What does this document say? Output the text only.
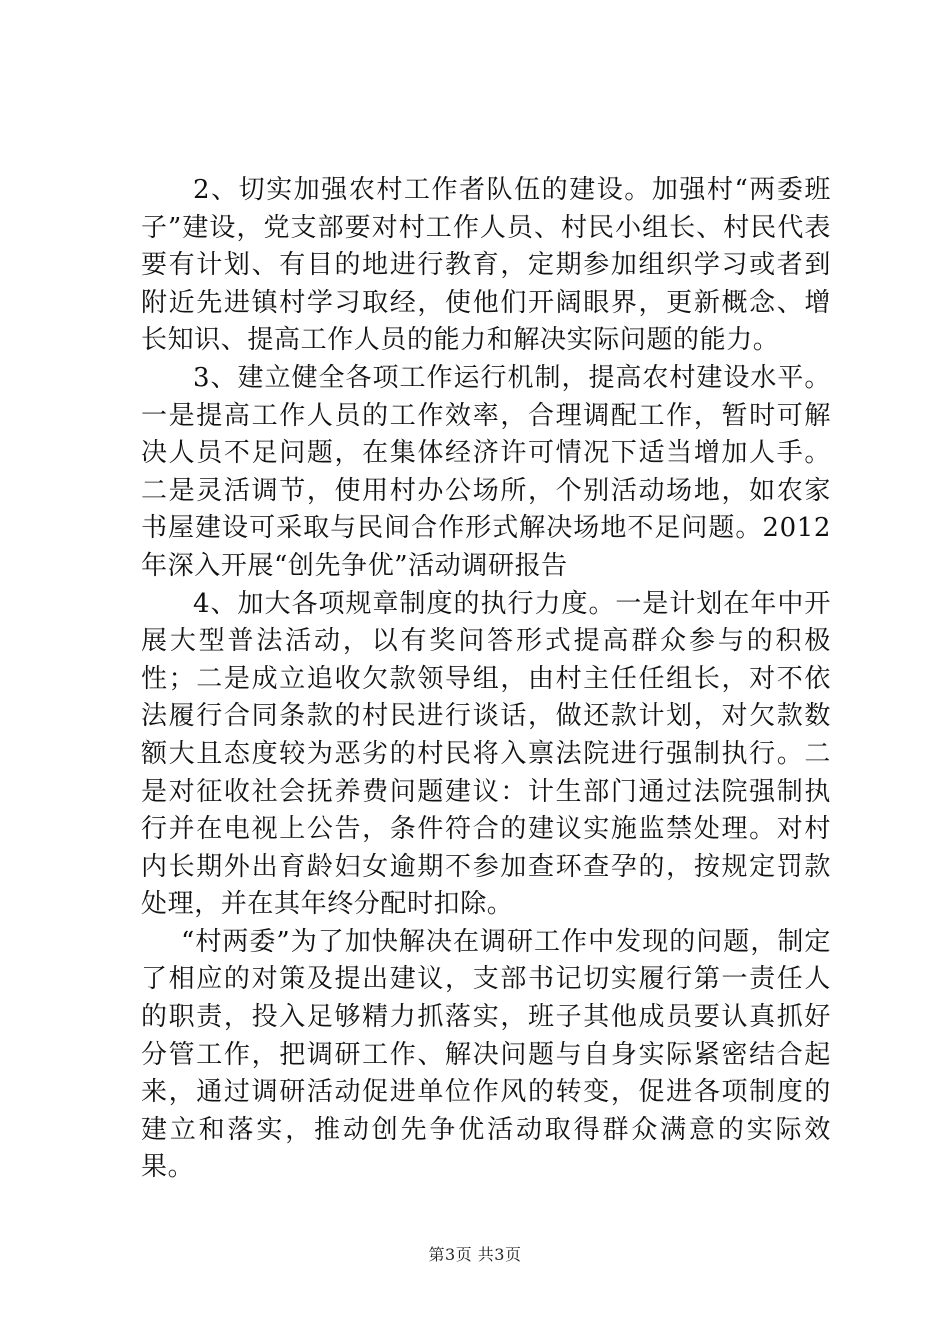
2、切实加强农村工作者队伍的建设。加强村“两委班子”建设，党支部要对村工作人员、村民小组长、村民代表要有计划、有目的地进行教育，定期参加组织学习或者到附近先进镇村学习取经，使他们开阔眼界，更新概念、增长知识、提高工作人员的能力和解决实际问题的能力。

3、建立健全各项工作运行机制，提高农村建设水平。一是提高工作人员的工作效率，合理调配工作，暂时可解决人员不足问题，在集体经济许可情况下适当增加人手。二是灵活调节，使用村办公场所，个别活动场地，如农家书屋建设可采取与民间合作形式解决场地不足问题。2012年深入开展“创先争优”活动调研报告

4、加大各项规章制度的执行力度。一是计划在年中开展大型普法活动，以有奖问答形式提高群众参与的积极性；二是成立追收欠款领导组，由村主任任组长，对不依法履行合同条款的村民进行谈话，做还款计划，对欠款数额大且态度较为恶劣的村民将入禀法院进行强制执行。二是对征收社会抚养费问题建议：计生部门通过法院强制执行并在电视上公告，条件符合的建议实施监禁处理。对村内长期外出育龄妇女逾期不参加查环查孕的，按规定罚款处理，并在其年终分配时扣除。

“村两委”为了加快解决在调研工作中发现的问题，制定了相应的对策及提出建议，支部书记切实履行第一责任人的职责，投入足够精力抓落实，班子其他成员要认真抓好分管工作，把调研工作、解决问题与自身实际紧密结合起来，通过调研活动促进单位作风的转变，促进各项制度的建立和落实，推动创先争优活动取得群众满意的实际效果。

第3页 共3页
